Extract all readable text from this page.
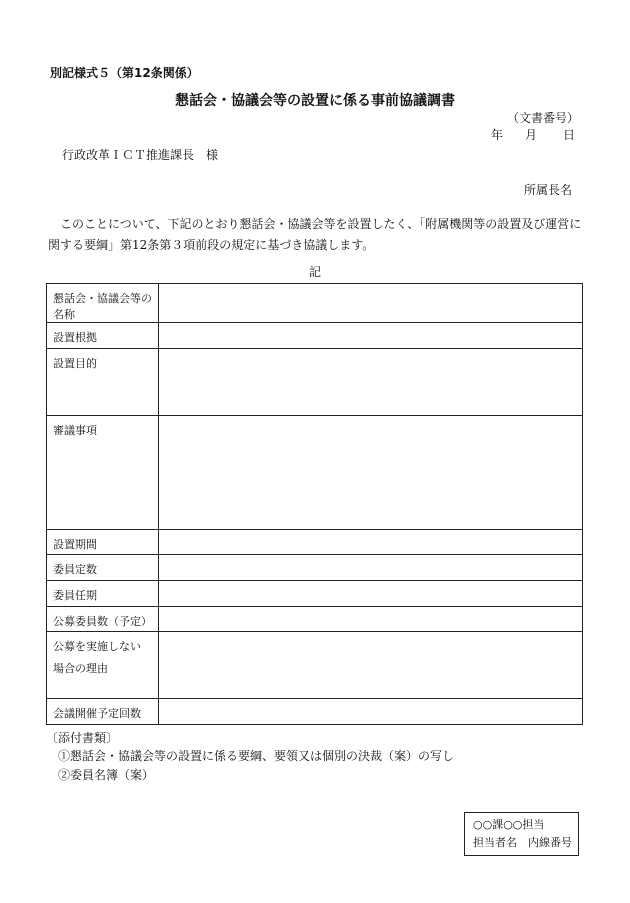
別記様式５（第12条関係）
懇話会・協議会等の設置に係る事前協議調書
（文書番号）
年 月 日
行政改革ＩＣＴ推進課長　様
所属長名
　このことについて、下記のとおり懇話会・協議会等を設置したく、「附属機関等の設置及び運営に関する要綱」第12条第３項前段の規定に基づき協議します。
記
懇話会・協議会等の名称	
設置根拠	
設置目的	
審議事項	
設置期間	
委員定数	
委員任期	
公募委員数（予定）	

公募を実施しない
場合の理由	

会議開催予定回数	
〔添付書類〕
①懇話会・協議会等の設置に係る要綱、要領又は個別の決裁（案）の写し
②委員名簿（案）
○○課○○担当
担当者名　内線番号
